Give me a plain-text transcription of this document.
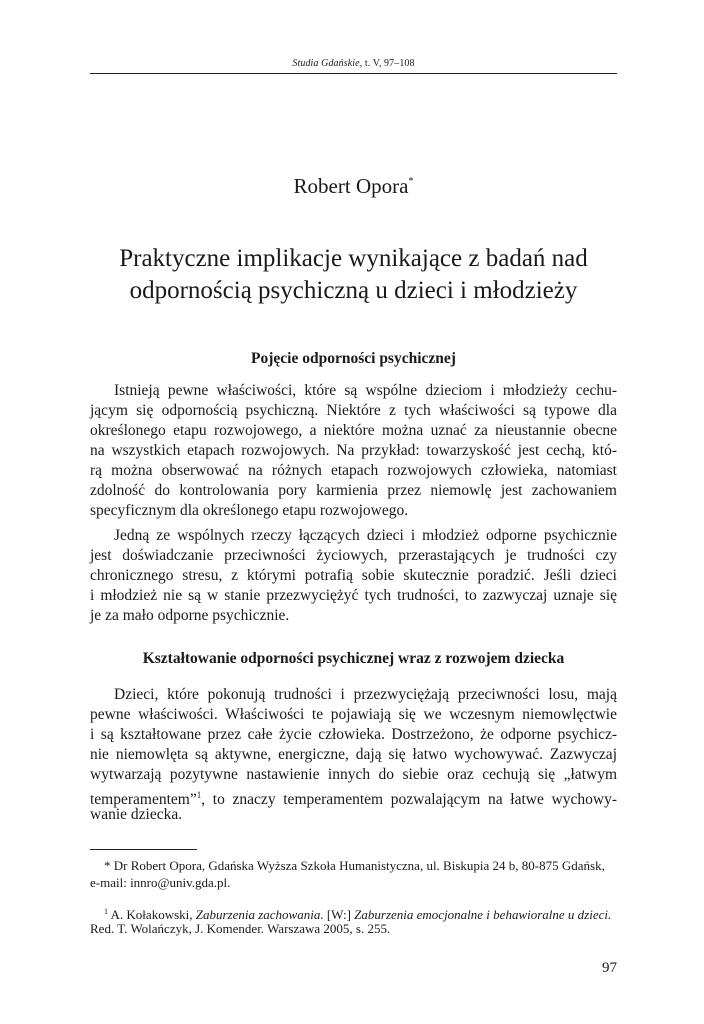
Studia Gdańskie, t. V, 97–108
Robert Opora*
Praktyczne implikacje wynikające z badań nad
odpornością psychiczną u dzieci i młodzieży
Pojęcie odporności psychicznej
Istnieją pewne właściwości, które są wspólne dzieciom i młodzieży cechu-
jącym się odpornością psychiczną. Niektóre z tych właściwości są typowe dla
określonego etapu rozwojowego, a niektóre można uznać za nieustannie obecne
na wszystkich etapach rozwojowych. Na przykład: towarzyskość jest cechą, któ-
rą można obserwować na różnych etapach rozwojowych człowieka, natomiast
zdolność do kontrolowania pory karmienia przez niemowlę jest zachowaniem
specyficznym dla określonego etapu rozwojowego.
Jedną ze wspólnych rzeczy łączących dzieci i młodzież odporne psychicznie
jest doświadczanie przeciwności życiowych, przerastających je trudności czy
chronicznego stresu, z którymi potrafią sobie skutecznie poradzić. Jeśli dzieci
i młodzież nie są w stanie przezwyciężyć tych trudności, to zazwyczaj uznaje się
je za mało odporne psychicznie.
Kształtowanie odporności psychicznej wraz z rozwojem dziecka
Dzieci, które pokonują trudności i przezwyciężają przeciwności losu, mają
pewne właściwości. Właściwości te pojawiają się we wczesnym niemowlęctwie
i są kształtowane przez całe życie człowieka. Dostrzeżono, że odporne psychicz-
nie niemowlęta są aktywne, energiczne, dają się łatwo wychowywać. Zazwyczaj
wytwarzają pozytywne nastawienie innych do siebie oraz cechują się „łatwym
temperamentem”$^1$, to znaczy temperamentem pozwalającym na łatwe wychowy-
wanie dziecka.
* Dr Robert Opora, Gdańska Wyższa Szkoła Humanistyczna, ul. Biskupia 24 b, 80-875 Gdańsk,
e-mail: innro@univ.gda.pl.
$^1$ A. Kołakowski, Zaburzenia zachowania. [W:] Zaburzenia emocjonalne i behawioralne u dzieci.
Red. T. Wolańczyk, J. Komender. Warszawa 2005, s. 255.
97
